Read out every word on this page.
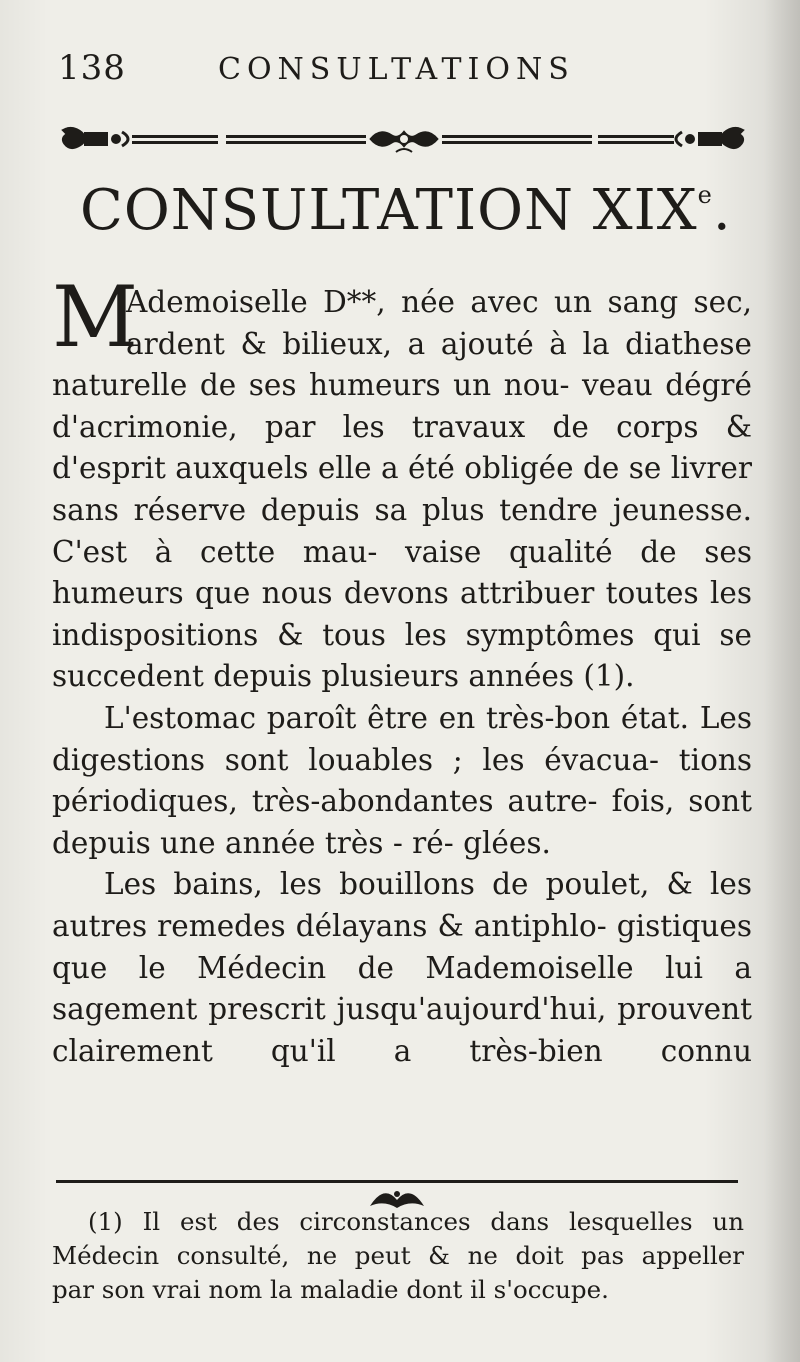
138	CONSULTATIONS
CONSULTATION XIXe.

M
Ademoiselle D**, née avec un sang sec, ardent & bilieux, a ajouté à la diathese naturelle de ses humeurs un nou- veau dégré d'acrimonie, par les travaux de corps & d'esprit auxquels elle a été obligée de se livrer sans réserve depuis sa plus tendre jeunesse. C'est à cette mau- vaise qualité de ses humeurs que nous devons attribuer toutes les indispositions & tous les symptômes qui se succedent depuis plusieurs années (1).

L'estomac paroît être en très-bon état. Les digestions sont louables ; les évacua- tions périodiques, très-abondantes autre- fois, sont depuis une année très - ré- glées.

Les bains, les bouillons de poulet, & les autres remedes délayans & antiphlo- gistiques que le Médecin de Mademoiselle lui a sagement prescrit jusqu'aujourd'hui, prouvent clairement qu'il a très-bien connu

(1) Il est des circonstances dans lesquelles un
Médecin consulté, ne peut & ne doit pas appeller
par son vrai nom la maladie dont il s'occupe.
